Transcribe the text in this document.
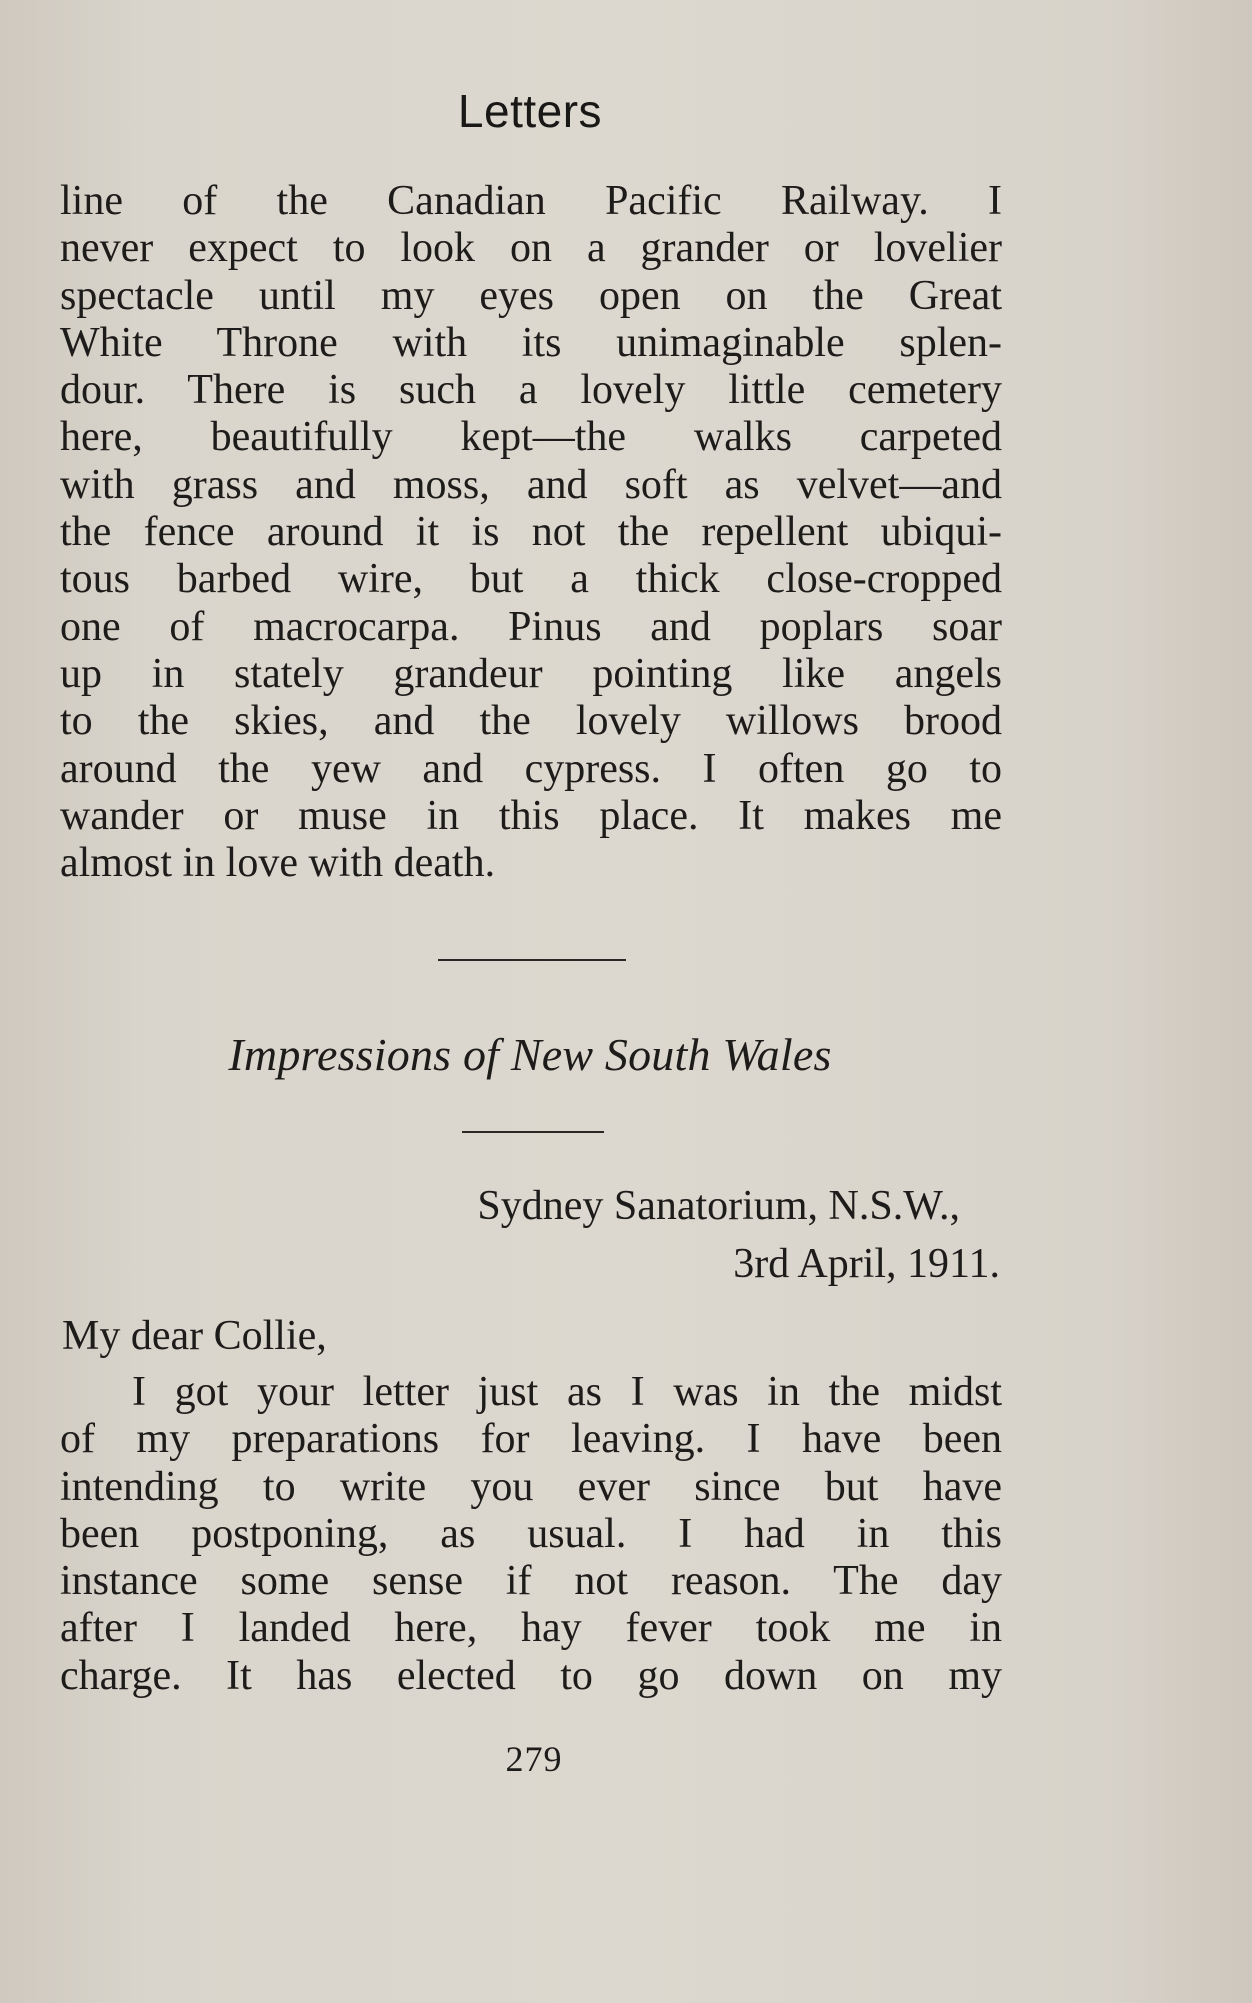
Letters
line of the Canadian Pacific Railway. I
never expect to look on a grander or lovelier
spectacle until my eyes open on the Great
White Throne with its unimaginable splen-
dour. There is such a lovely little cemetery
here, beautifully kept—the walks carpeted
with grass and moss, and soft as velvet—and
the fence around it is not the repellent ubiqui-
tous barbed wire, but a thick close-cropped
one of macrocarpa. Pinus and poplars soar
up in stately grandeur pointing like angels
to the skies, and the lovely willows brood
around the yew and cypress. I often go to
wander or muse in this place. It makes me
almost in love with death.
Impressions of New South Wales
Sydney Sanatorium, N.S.W.,
3rd April, 1911.
My dear Collie,
I got your letter just as I was in the midst
of my preparations for leaving. I have been
intending to write you ever since but have
been postponing, as usual. I had in this
instance some sense if not reason. The day
after I landed here, hay fever took me in
charge. It has elected to go down on my
279
